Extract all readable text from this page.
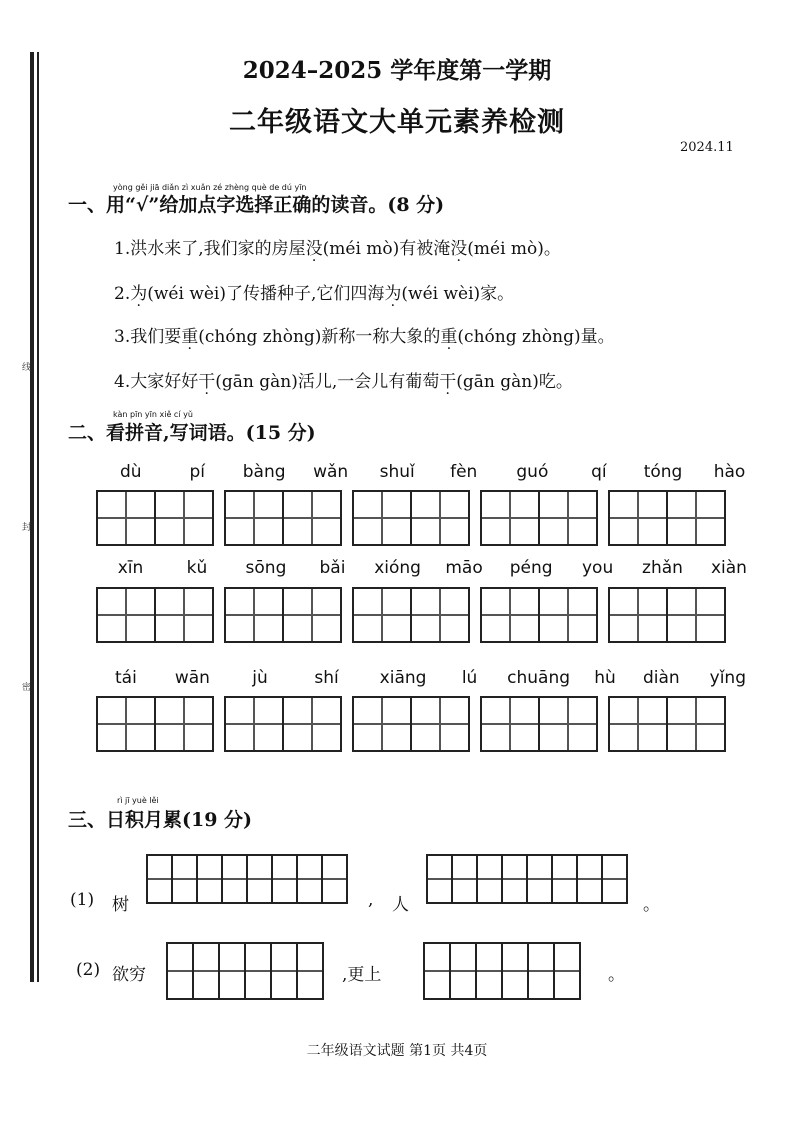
线
封
密
2024–2025 学年度第一学期
二年级语文大单元素养检测
2024.11
yòng gěi jiā diǎn zì xuǎn zé zhèng què de dú yīn
一、用“√”给加点字选择正确的读音。(8 分)
1.洪水来了,我们家的房屋没(méi mò)有被淹没(méi mò)。
2.为(wéi wèi)了传播种子,它们四海为(wéi wèi)家。
3.我们要重(chóng zhòng)新称一称大象的重(chóng zhòng)量。
4.大家好好干(gān gàn)活儿,一会儿有葡萄干(gān gàn)吃。
kàn pīn yīn xiě cí yǔ
二、看拼音,写词语。(15 分)
dù	pí bàng wǎn shuǐ fèn guó	qí tóng hào
xīn	kǔ sōng bǎi xióng māo péng you zhǎn xiàn
tái wān jù	shí xiāng lú chuāng hù diàn yǐng
rì jī yuè lěi
三、日积月累(19 分)
(1) 树	, 人	。
(2) 欲穷	,更上	。
二年级语文试题 第1页 共4页
